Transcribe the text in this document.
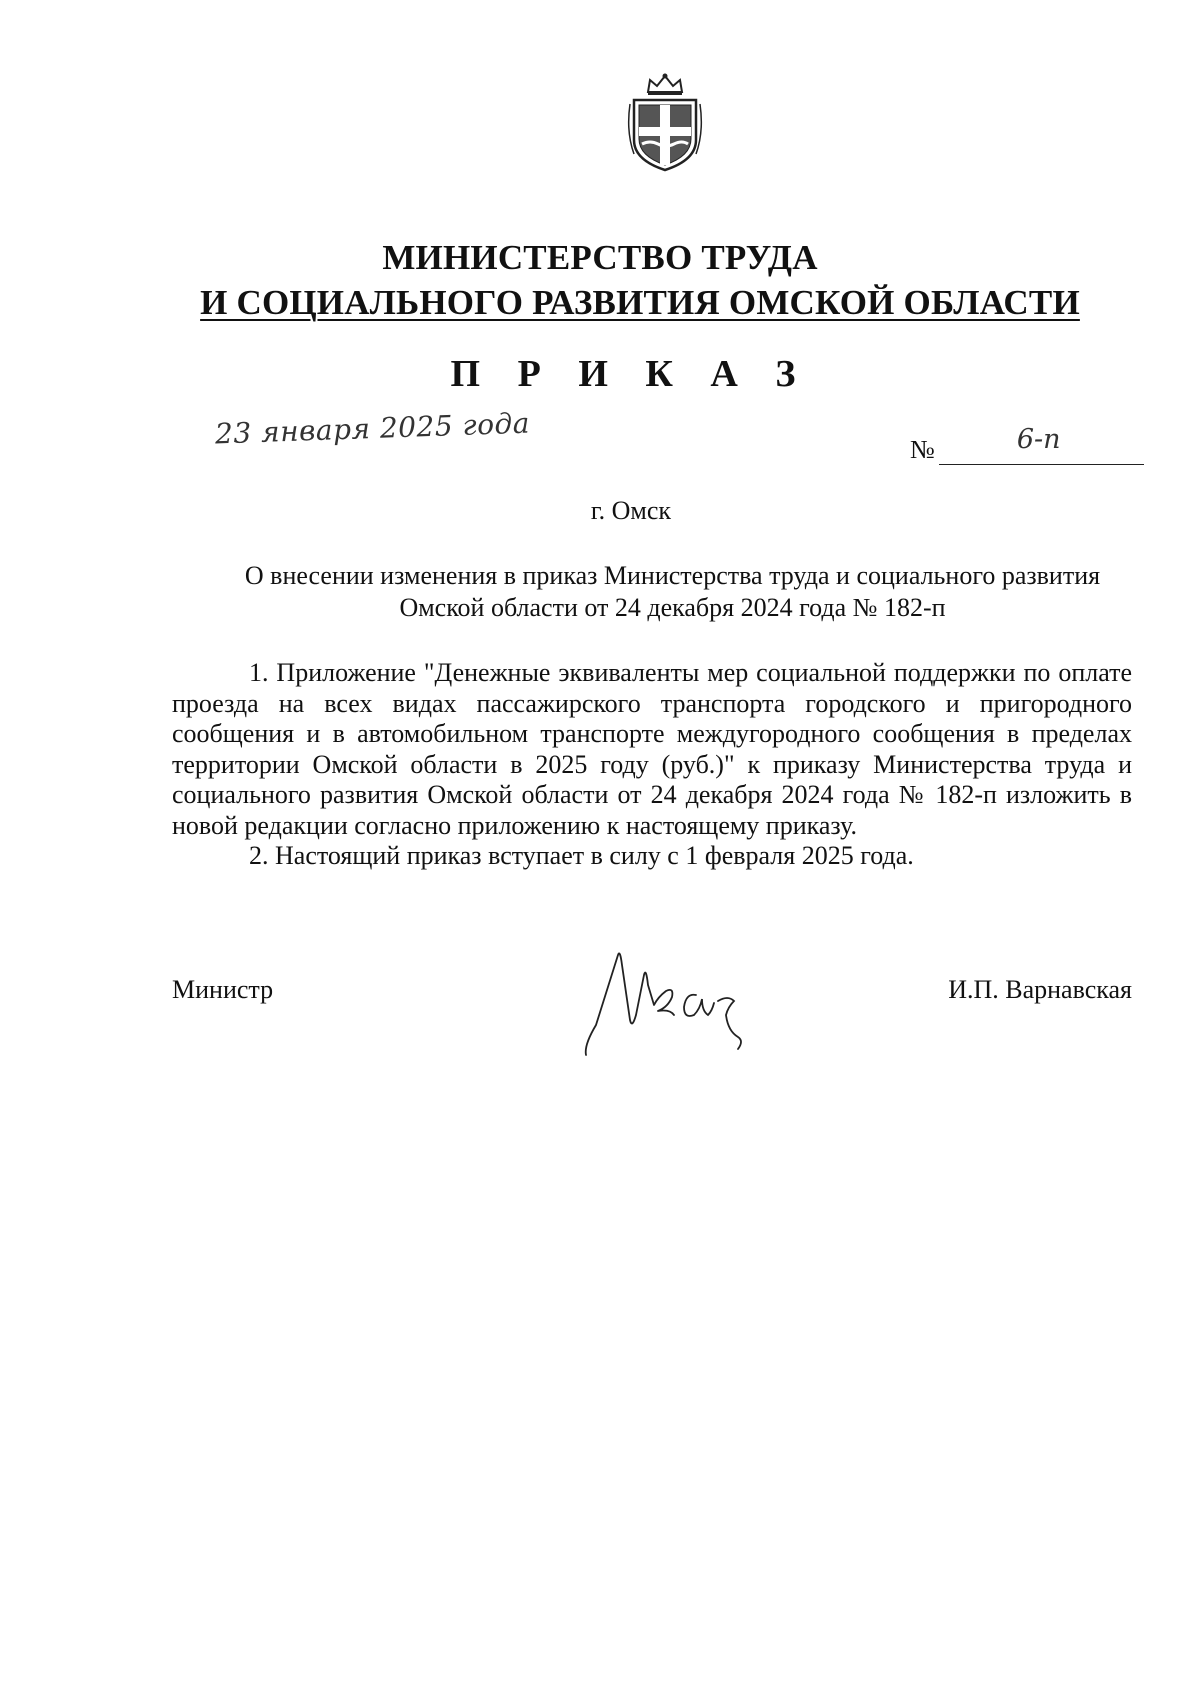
МИНИСТЕРСТВО ТРУДА
И СОЦИАЛЬНОГО РАЗВИТИЯ ОМСКОЙ ОБЛАСТИ
П Р И К А З
23 января 2025 года	№	6-п
г. Омск
О внесении изменения в приказ Министерства труда и социального развития Омской области от 24 декабря 2024 года № 182-п

1. Приложение "Денежные эквиваленты мер социальной поддержки по оплате проезда на всех видах пассажирского транспорта городского и пригородного сообщения и в автомобильном транспорте междугородного сообщения в пределах территории Омской области в 2025 году (руб.)" к приказу Министерства труда и социального развития Омской области от 24 декабря 2024 года № 182-п изложить в новой редакции согласно приложению к настоящему приказу.

2. Настоящий приказ вступает в силу с 1 февраля 2025 года.

Министр	И.П. Варнавская
